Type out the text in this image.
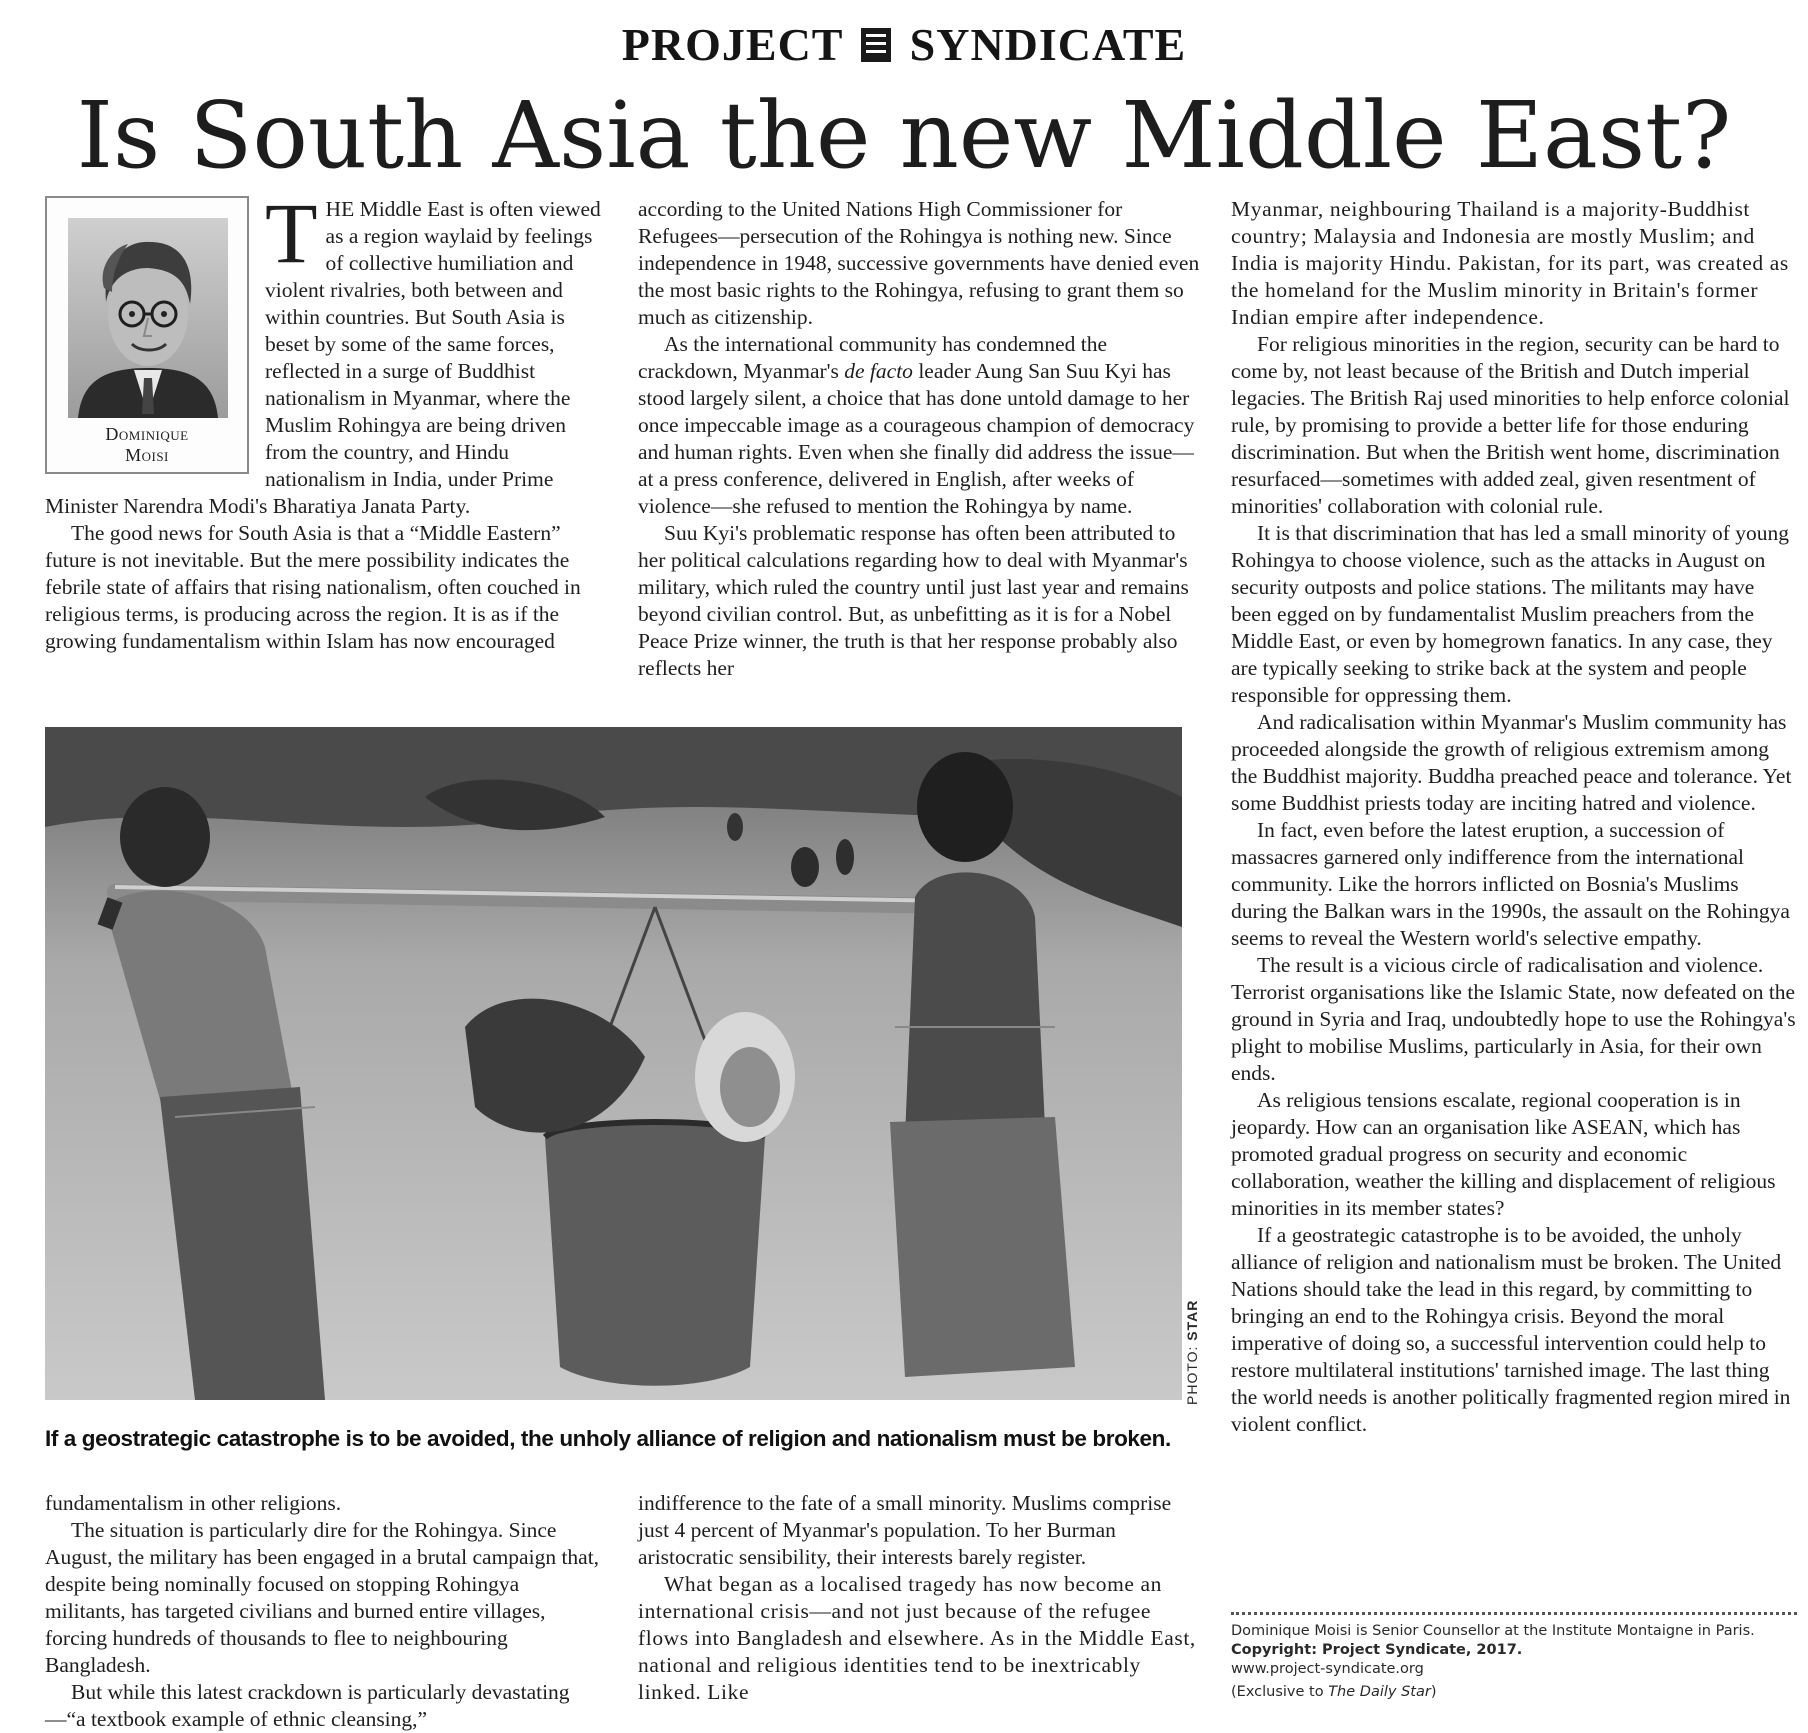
PROJECT SYNDICATE
Is South Asia the new Middle East?
Dominique
Moisi

THE Middle East is often viewed as a region waylaid by feelings of collective humiliation and violent rivalries, both between and within countries. But South Asia is beset by some of the same forces, reflected in a surge of Buddhist nationalism in Myanmar, where the Muslim Rohingya are being driven from the country, and Hindu nationalism in India, under Prime Minister Narendra Modi's Bharatiya Janata Party.

The good news for South Asia is that a “Middle Eastern” future is not inevitable. But the mere possibility indicates the febrile state of affairs that rising nationalism, often couched in religious terms, is producing across the region. It is as if the growing fundamentalism within Islam has now encouraged

according to the United Nations High Commissioner for Refugees—persecution of the Rohingya is nothing new. Since independence in 1948, successive governments have denied even the most basic rights to the Rohingya, refusing to grant them so much as citizenship.

As the international community has condemned the crackdown, Myanmar's de facto leader Aung San Suu Kyi has stood largely silent, a choice that has done untold damage to her once impeccable image as a courageous champion of democracy and human rights. Even when she finally did address the issue—at a press conference, delivered in English, after weeks of violence—she refused to mention the Rohingya by name.

Suu Kyi's problematic response has often been attributed to her political calculations regarding how to deal with Myanmar's military, which ruled the country until just last year and remains beyond civilian control. But, as unbefitting as it is for a Nobel Peace Prize winner, the truth is that her response probably also reflects her

Myanmar, neighbouring Thailand is a majority-Buddhist country; Malaysia and Indonesia are mostly Muslim; and India is majority Hindu. Pakistan, for its part, was created as the homeland for the Muslim minority in Britain's former Indian empire after independence.

For religious minorities in the region, security can be hard to come by, not least because of the British and Dutch imperial legacies. The British Raj used minorities to help enforce colonial rule, by promising to provide a better life for those enduring discrimination. But when the British went home, discrimination resurfaced—sometimes with added zeal, given resentment of minorities' collaboration with colonial rule.

It is that discrimination that has led a small minority of young Rohingya to choose violence, such as the attacks in August on security outposts and police stations. The militants may have been egged on by fundamentalist Muslim preachers from the Middle East, or even by homegrown fanatics. In any case, they are typically seeking to strike back at the system and people responsible for oppressing them.

And radicalisation within Myanmar's Muslim community has proceeded alongside the growth of religious extremism among the Buddhist majority. Buddha preached peace and tolerance. Yet some Buddhist priests today are inciting hatred and violence.

In fact, even before the latest eruption, a succession of massacres garnered only indifference from the international community. Like the horrors inflicted on Bosnia's Muslims during the Balkan wars in the 1990s, the assault on the Rohingya seems to reveal the Western world's selective empathy.

The result is a vicious circle of radicalisation and violence. Terrorist organisations like the Islamic State, now defeated on the ground in Syria and Iraq, undoubtedly hope to use the Rohingya's plight to mobilise Muslims, particularly in Asia, for their own ends.

As religious tensions escalate, regional cooperation is in jeopardy. How can an organisation like ASEAN, which has promoted gradual progress on security and economic collaboration, weather the killing and displacement of religious minorities in its member states?

If a geostrategic catastrophe is to be avoided, the unholy alliance of religion and nationalism must be broken. The United Nations should take the lead in this regard, by committing to bringing an end to the Rohingya crisis. Beyond the moral imperative of doing so, a successful intervention could help to restore multilateral institutions' tarnished image. The last thing the world needs is another politically fragmented region mired in violent conflict.

PHOTO: STAR
If a geostrategic catastrophe is to be avoided, the unholy alliance of religion and nationalism must be broken.

fundamentalism in other religions.

The situation is particularly dire for the Rohingya. Since August, the military has been engaged in a brutal campaign that, despite being nominally focused on stopping Rohingya militants, has targeted civilians and burned entire villages, forcing hundreds of thousands to flee to neighbouring Bangladesh.

But while this latest crackdown is particularly devastating—“a textbook example of ethnic cleansing,”

indifference to the fate of a small minority. Muslims comprise just 4 percent of Myanmar's population. To her Burman aristocratic sensibility, their interests barely register.

What began as a localised tragedy has now become an international crisis—and not just because of the refugee flows into Bangladesh and elsewhere. As in the Middle East, national and religious identities tend to be inextricably linked. Like

Dominique Moisi is Senior Counsellor at the Institute Montaigne in Paris.
Copyright: Project Syndicate, 2017.
www.project-syndicate.org
(Exclusive to The Daily Star)
